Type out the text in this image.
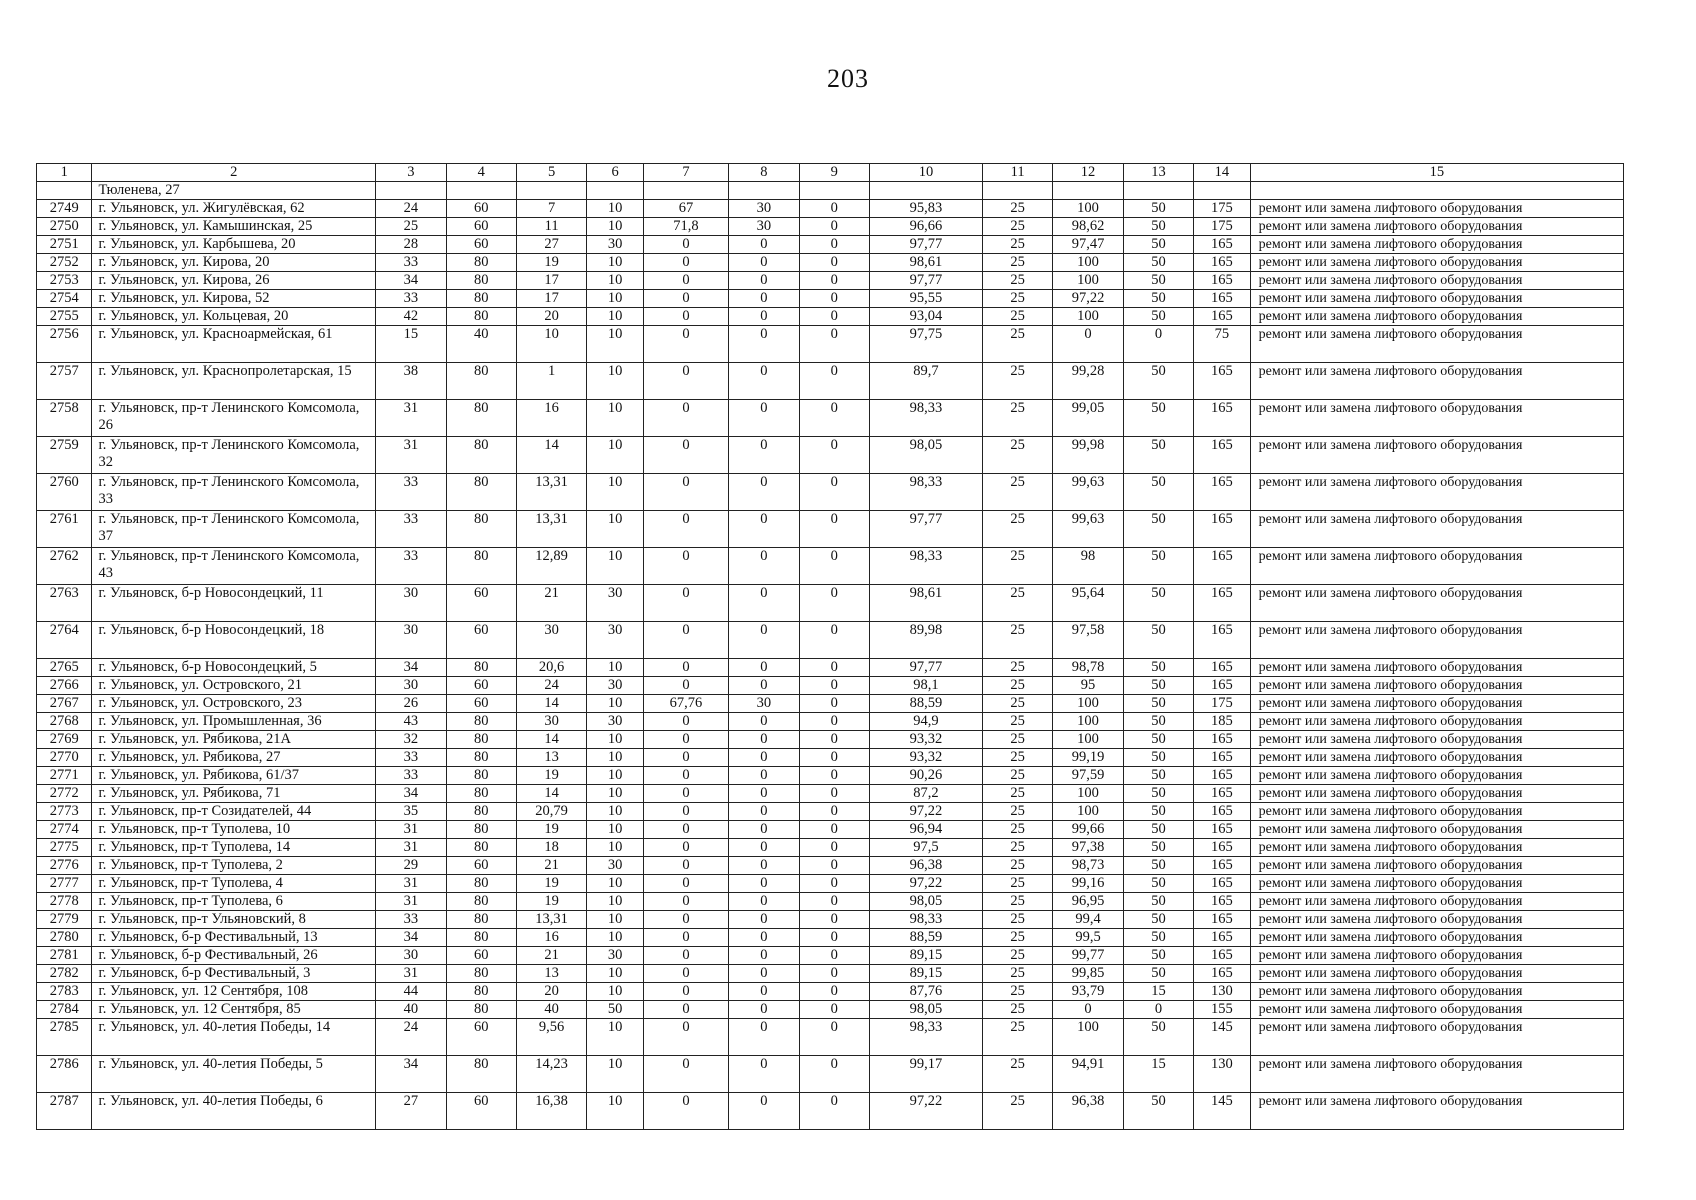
203
1	2	3	4	5	6	7	8	9	10	11	12	13	14	15
	Тюленева, 27													
2749	г. Ульяновск, ул. Жигулёвская, 62	24	60	7	10	67	30	0	95,83	25	100	50	175	ремонт или замена лифтового оборудования
2750	г. Ульяновск, ул. Камышинская, 25	25	60	11	10	71,8	30	0	96,66	25	98,62	50	175	ремонт или замена лифтового оборудования
2751	г. Ульяновск, ул. Карбышева, 20	28	60	27	30	0	0	0	97,77	25	97,47	50	165	ремонт или замена лифтового оборудования
2752	г. Ульяновск, ул. Кирова, 20	33	80	19	10	0	0	0	98,61	25	100	50	165	ремонт или замена лифтового оборудования
2753	г. Ульяновск, ул. Кирова, 26	34	80	17	10	0	0	0	97,77	25	100	50	165	ремонт или замена лифтового оборудования
2754	г. Ульяновск, ул. Кирова, 52	33	80	17	10	0	0	0	95,55	25	97,22	50	165	ремонт или замена лифтового оборудования
2755	г. Ульяновск, ул. Кольцевая, 20	42	80	20	10	0	0	0	93,04	25	100	50	165	ремонт или замена лифтового оборудования
2756	г. Ульяновск, ул. Красноармейская, 61	15	40	10	10	0	0	0	97,75	25	0	0	75	ремонт или замена лифтового оборудования
2757	г. Ульяновск, ул. Краснопролетарская, 15	38	80	1	10	0	0	0	89,7	25	99,28	50	165	ремонт или замена лифтового оборудования
2758	г. Ульяновск, пр-т Ленинского Комсомола, 26	31	80	16	10	0	0	0	98,33	25	99,05	50	165	ремонт или замена лифтового оборудования
2759	г. Ульяновск, пр-т Ленинского Комсомола, 32	31	80	14	10	0	0	0	98,05	25	99,98	50	165	ремонт или замена лифтового оборудования
2760	г. Ульяновск, пр-т Ленинского Комсомола, 33	33	80	13,31	10	0	0	0	98,33	25	99,63	50	165	ремонт или замена лифтового оборудования
2761	г. Ульяновск, пр-т Ленинского Комсомола, 37	33	80	13,31	10	0	0	0	97,77	25	99,63	50	165	ремонт или замена лифтового оборудования
2762	г. Ульяновск, пр-т Ленинского Комсомола, 43	33	80	12,89	10	0	0	0	98,33	25	98	50	165	ремонт или замена лифтового оборудования
2763	г. Ульяновск, б-р Новосондецкий, 11	30	60	21	30	0	0	0	98,61	25	95,64	50	165	ремонт или замена лифтового оборудования
2764	г. Ульяновск, б-р Новосондецкий, 18	30	60	30	30	0	0	0	89,98	25	97,58	50	165	ремонт или замена лифтового оборудования
2765	г. Ульяновск, б-р Новосондецкий, 5	34	80	20,6	10	0	0	0	97,77	25	98,78	50	165	ремонт или замена лифтового оборудования
2766	г. Ульяновск, ул. Островского, 21	30	60	24	30	0	0	0	98,1	25	95	50	165	ремонт или замена лифтового оборудования
2767	г. Ульяновск, ул. Островского, 23	26	60	14	10	67,76	30	0	88,59	25	100	50	175	ремонт или замена лифтового оборудования
2768	г. Ульяновск, ул. Промышленная, 36	43	80	30	30	0	0	0	94,9	25	100	50	185	ремонт или замена лифтового оборудования
2769	г. Ульяновск, ул. Рябикова, 21А	32	80	14	10	0	0	0	93,32	25	100	50	165	ремонт или замена лифтового оборудования
2770	г. Ульяновск, ул. Рябикова, 27	33	80	13	10	0	0	0	93,32	25	99,19	50	165	ремонт или замена лифтового оборудования
2771	г. Ульяновск, ул. Рябикова, 61/37	33	80	19	10	0	0	0	90,26	25	97,59	50	165	ремонт или замена лифтового оборудования
2772	г. Ульяновск, ул. Рябикова, 71	34	80	14	10	0	0	0	87,2	25	100	50	165	ремонт или замена лифтового оборудования
2773	г. Ульяновск, пр-т Созидателей, 44	35	80	20,79	10	0	0	0	97,22	25	100	50	165	ремонт или замена лифтового оборудования
2774	г. Ульяновск, пр-т Туполева, 10	31	80	19	10	0	0	0	96,94	25	99,66	50	165	ремонт или замена лифтового оборудования
2775	г. Ульяновск, пр-т Туполева, 14	31	80	18	10	0	0	0	97,5	25	97,38	50	165	ремонт или замена лифтового оборудования
2776	г. Ульяновск, пр-т Туполева, 2	29	60	21	30	0	0	0	96,38	25	98,73	50	165	ремонт или замена лифтового оборудования
2777	г. Ульяновск, пр-т Туполева, 4	31	80	19	10	0	0	0	97,22	25	99,16	50	165	ремонт или замена лифтового оборудования
2778	г. Ульяновск, пр-т Туполева, 6	31	80	19	10	0	0	0	98,05	25	96,95	50	165	ремонт или замена лифтового оборудования
2779	г. Ульяновск, пр-т Ульяновский, 8	33	80	13,31	10	0	0	0	98,33	25	99,4	50	165	ремонт или замена лифтового оборудования
2780	г. Ульяновск, б-р Фестивальный, 13	34	80	16	10	0	0	0	88,59	25	99,5	50	165	ремонт или замена лифтового оборудования
2781	г. Ульяновск, б-р Фестивальный, 26	30	60	21	30	0	0	0	89,15	25	99,77	50	165	ремонт или замена лифтового оборудования
2782	г. Ульяновск, б-р Фестивальный, 3	31	80	13	10	0	0	0	89,15	25	99,85	50	165	ремонт или замена лифтового оборудования
2783	г. Ульяновск, ул. 12 Сентября, 108	44	80	20	10	0	0	0	87,76	25	93,79	15	130	ремонт или замена лифтового оборудования
2784	г. Ульяновск, ул. 12 Сентября, 85	40	80	40	50	0	0	0	98,05	25	0	0	155	ремонт или замена лифтового оборудования
2785	г. Ульяновск, ул. 40-летия Победы, 14	24	60	9,56	10	0	0	0	98,33	25	100	50	145	ремонт или замена лифтового оборудования
2786	г. Ульяновск, ул. 40-летия Победы, 5	34	80	14,23	10	0	0	0	99,17	25	94,91	15	130	ремонт или замена лифтового оборудования
2787	г. Ульяновск, ул. 40-летия Победы, 6	27	60	16,38	10	0	0	0	97,22	25	96,38	50	145	ремонт или замена лифтового оборудования
